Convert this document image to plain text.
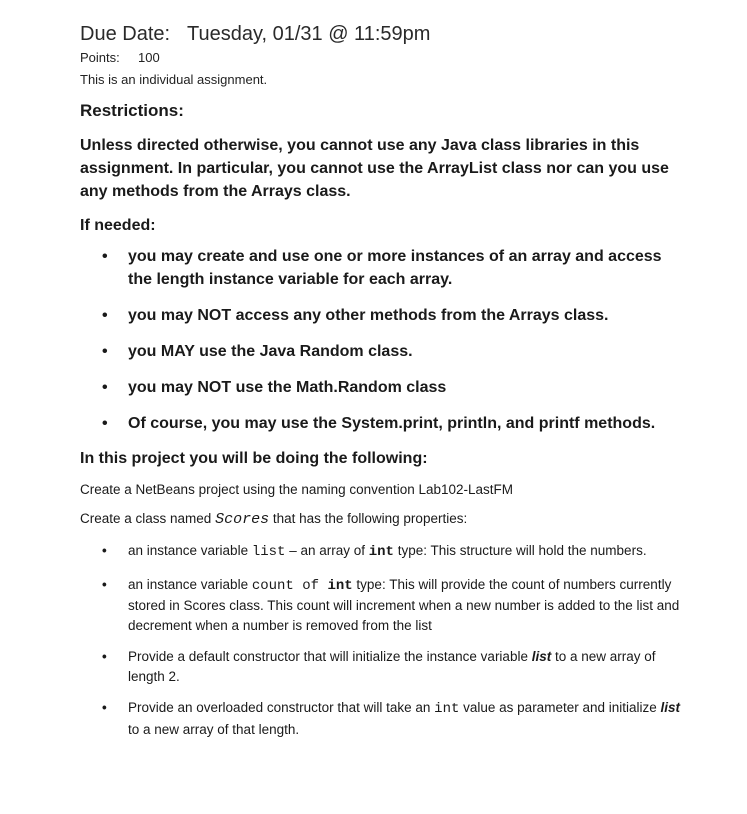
Due Date: Tuesday, 01/31 @ 11:59pm
Points: 100
This is an individual assignment.
Restrictions:
Unless directed otherwise, you cannot use any Java class libraries in this assignment. In particular, you cannot use the ArrayList class nor can you use any methods from the Arrays class.
If needed:
• you may create and use one or more instances of an array and access the length instance variable for each array.
• you may NOT access any other methods from the Arrays class.
• you MAY use the Java Random class.
• you may NOT use the Math.Random class
• Of course, you may use the System.print, println, and printf methods.
In this project you will be doing the following:
Create a NetBeans project using the naming convention Lab102-LastFM
Create a class named Scores that has the following properties:
• an instance variable list – an array of int type: This structure will hold the numbers.
• an instance variable count of int type: This will provide the count of numbers currently stored in Scores class. This count will increment when a new number is added to the list and decrement when a number is removed from the list
• Provide a default constructor that will initialize the instance variable list to a new array of length 2.
• Provide an overloaded constructor that will take an int value as parameter and initialize list to a new array of that length.
